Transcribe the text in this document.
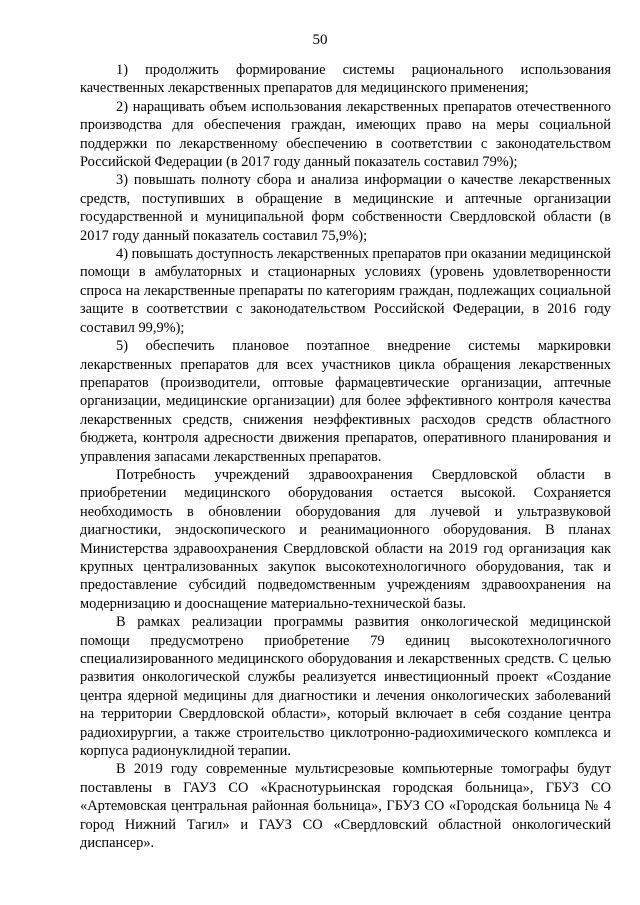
50

1) продолжить формирование системы рационального использования качественных лекарственных препаратов для медицинского применения;

2) наращивать объем использования лекарственных препаратов отечественного производства для обеспечения граждан, имеющих право на меры социальной поддержки по лекарственному обеспечению в соответствии с законодательством Российской Федерации (в 2017 году данный показатель составил 79%);

3) повышать полноту сбора и анализа информации о качестве лекарственных средств, поступивших в обращение в медицинские и аптечные организации государственной и муниципальной форм собственности Свердловской области (в 2017 году данный показатель составил 75,9%);

4) повышать доступность лекарственных препаратов при оказании медицинской помощи в амбулаторных и стационарных условиях (уровень удовлетворенности спроса на лекарственные препараты по категориям граждан, подлежащих социальной защите в соответствии с законодательством Российской Федерации, в 2016 году составил 99,9%);

5) обеспечить плановое поэтапное внедрение системы маркировки лекарственных препаратов для всех участников цикла обращения лекарственных препаратов (производители, оптовые фармацевтические организации, аптечные организации, медицинские организации) для более эффективного контроля качества лекарственных средств, снижения неэффективных расходов средств областного бюджета, контроля адресности движения препаратов, оперативного планирования и управления запасами лекарственных препаратов.

Потребность учреждений здравоохранения Свердловской области в приобретении медицинского оборудования остается высокой. Сохраняется необходимость в обновлении оборудования для лучевой и ультразвуковой диагностики, эндоскопического и реанимационного оборудования. В планах Министерства здравоохранения Свердловской области на 2019 год организация как крупных централизованных закупок высокотехнологичного оборудования, так и предоставление субсидий подведомственным учреждениям здравоохранения на модернизацию и дооснащение материально-технической базы.

В рамках реализации программы развития онкологической медицинской помощи предусмотрено приобретение 79 единиц высокотехнологичного специализированного медицинского оборудования и лекарственных средств. С целью развития онкологической службы реализуется инвестиционный проект «Создание центра ядерной медицины для диагностики и лечения онкологических заболеваний на территории Свердловской области», который включает в себя создание центра радиохирургии, а также строительство циклотронно-радиохимического комплекса и корпуса радионуклидной терапии.

В 2019 году современные мультисрезовые компьютерные томографы будут поставлены в ГАУЗ СО «Краснотурьинская городская больница», ГБУЗ СО «Артемовская центральная районная больница», ГБУЗ СО «Городская больница № 4 город Нижний Тагил» и ГАУЗ СО «Свердловский областной онкологический диспансер».
